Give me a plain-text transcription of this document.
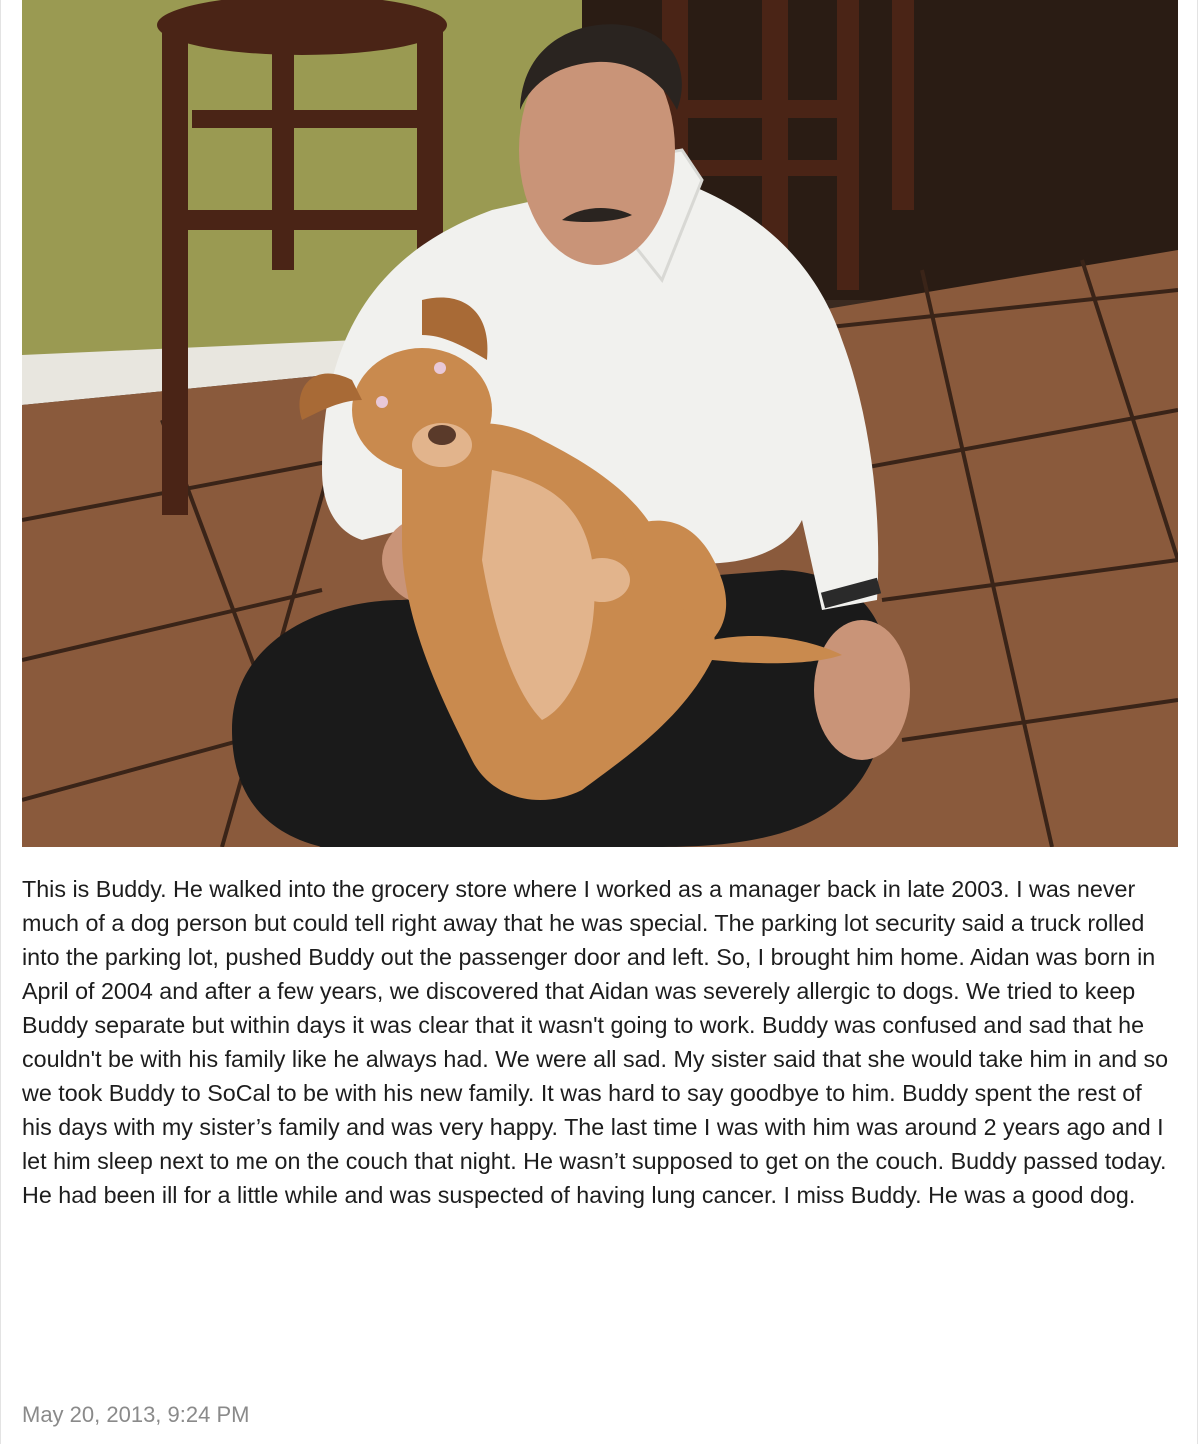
This is Buddy. He walked into the grocery store where I worked as a manager back in late 2003. I was never much of a dog person but could tell right away that he was special. The parking lot security said a truck rolled into the parking lot, pushed Buddy out the passenger door and left. So, I brought him home. Aidan was born in April of 2004 and after a few years, we discovered that Aidan was severely allergic to dogs. We tried to keep Buddy separate but within days it was clear that it wasn't going to work. Buddy was confused and sad that he couldn't be with his family like he always had. We were all sad. My sister said that she would take him in and so we took Buddy to SoCal to be with his new family. It was hard to say goodbye to him. Buddy spent the rest of his days with my sister’s family and was very happy. The last time I was with him was around 2 years ago and I let him sleep next to me on the couch that night. He wasn’t supposed to get on the couch. Buddy passed today. He had been ill for a little while and was suspected of having lung cancer. I miss Buddy. He was a good dog.

May 20, 2013, 9:24 PM
